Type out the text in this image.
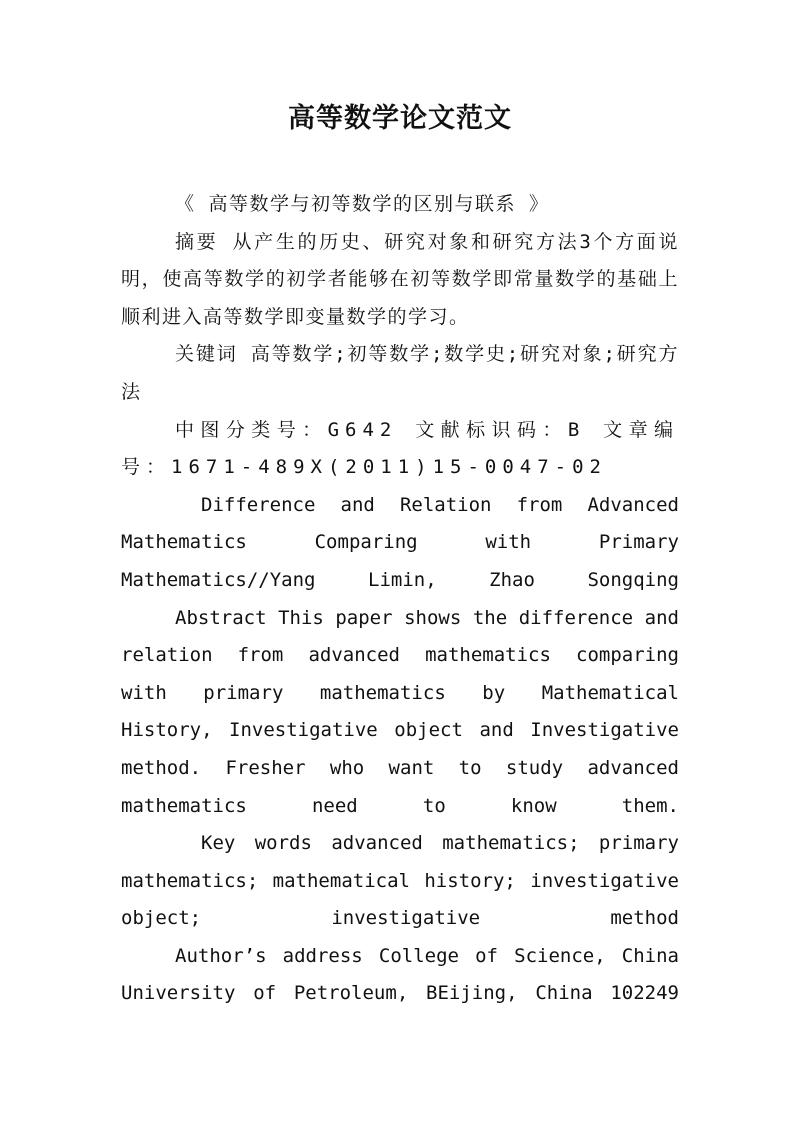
高等数学论文范文

《 高等数学与初等数学的区别与联系 》

摘要 从产生的历史、研究对象和研究方法3个方面说明，使高等数学的初学者能够在初等数学即常量数学的基础上顺利进入高等数学即变量数学的学习。

关键词 高等数学;初等数学;数学史;研究对象;研究方法

中图分类号：G642 文献标识码：B 文章编号：1671-489X(2011)15-0047-02

Difference and Relation from Advanced Mathematics Comparing with Primary Mathematics//Yang Limin, Zhao Songqing

Abstract This paper shows the difference and relation from advanced mathematics comparing with primary mathematics by Mathematical History, Investigative object and Investigative method. Fresher who want to study advanced mathematics need to know them.

Key words advanced mathematics; primary mathematics; mathematical history; investigative object; investigative method

Author’s address College of Science, China University of Petroleum, BEijing, China 102249
